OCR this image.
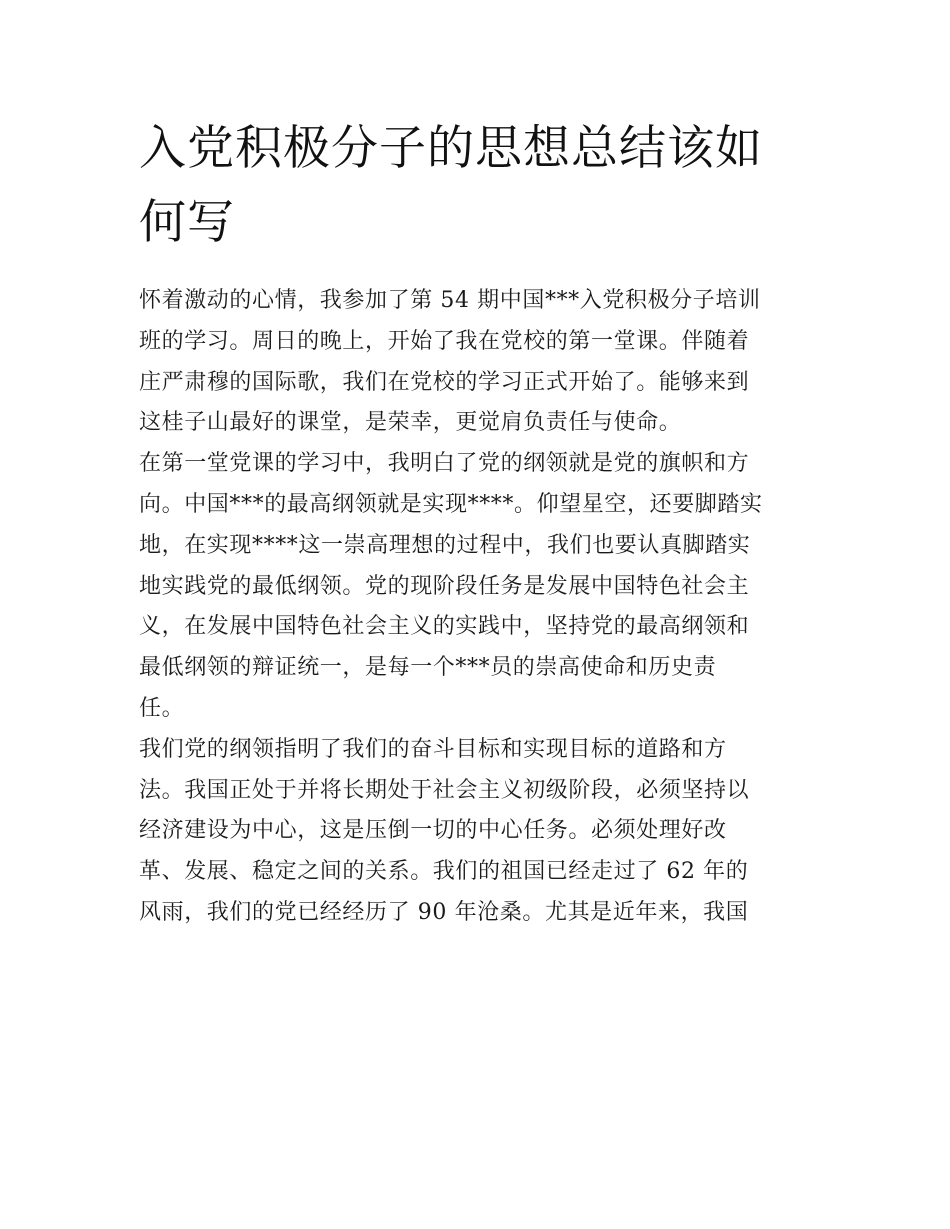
入党积极分子的思想总结该如
何写
怀着激动的心情，我参加了第 54 期中国***入党积极分子培训
班的学习。周日的晚上，开始了我在党校的第一堂课。伴随着
庄严肃穆的国际歌，我们在党校的学习正式开始了。能够来到
这桂子山最好的课堂，是荣幸，更觉肩负责任与使命。
在第一堂党课的学习中，我明白了党的纲领就是党的旗帜和方
向。中国***的最高纲领就是实现****。仰望星空，还要脚踏实
地，在实现****这一崇高理想的过程中，我们也要认真脚踏实
地实践党的最低纲领。党的现阶段任务是发展中国特色社会主
义，在发展中国特色社会主义的实践中，坚持党的最高纲领和
最低纲领的辩证统一，是每一个***员的崇高使命和历史责
任。
我们党的纲领指明了我们的奋斗目标和实现目标的道路和方
法。我国正处于并将长期处于社会主义初级阶段，必须坚持以
经济建设为中心，这是压倒一切的中心任务。必须处理好改
革、发展、稳定之间的关系。我们的祖国已经走过了 62 年的
风雨，我们的党已经经历了 90 年沧桑。尤其是近年来，我国
